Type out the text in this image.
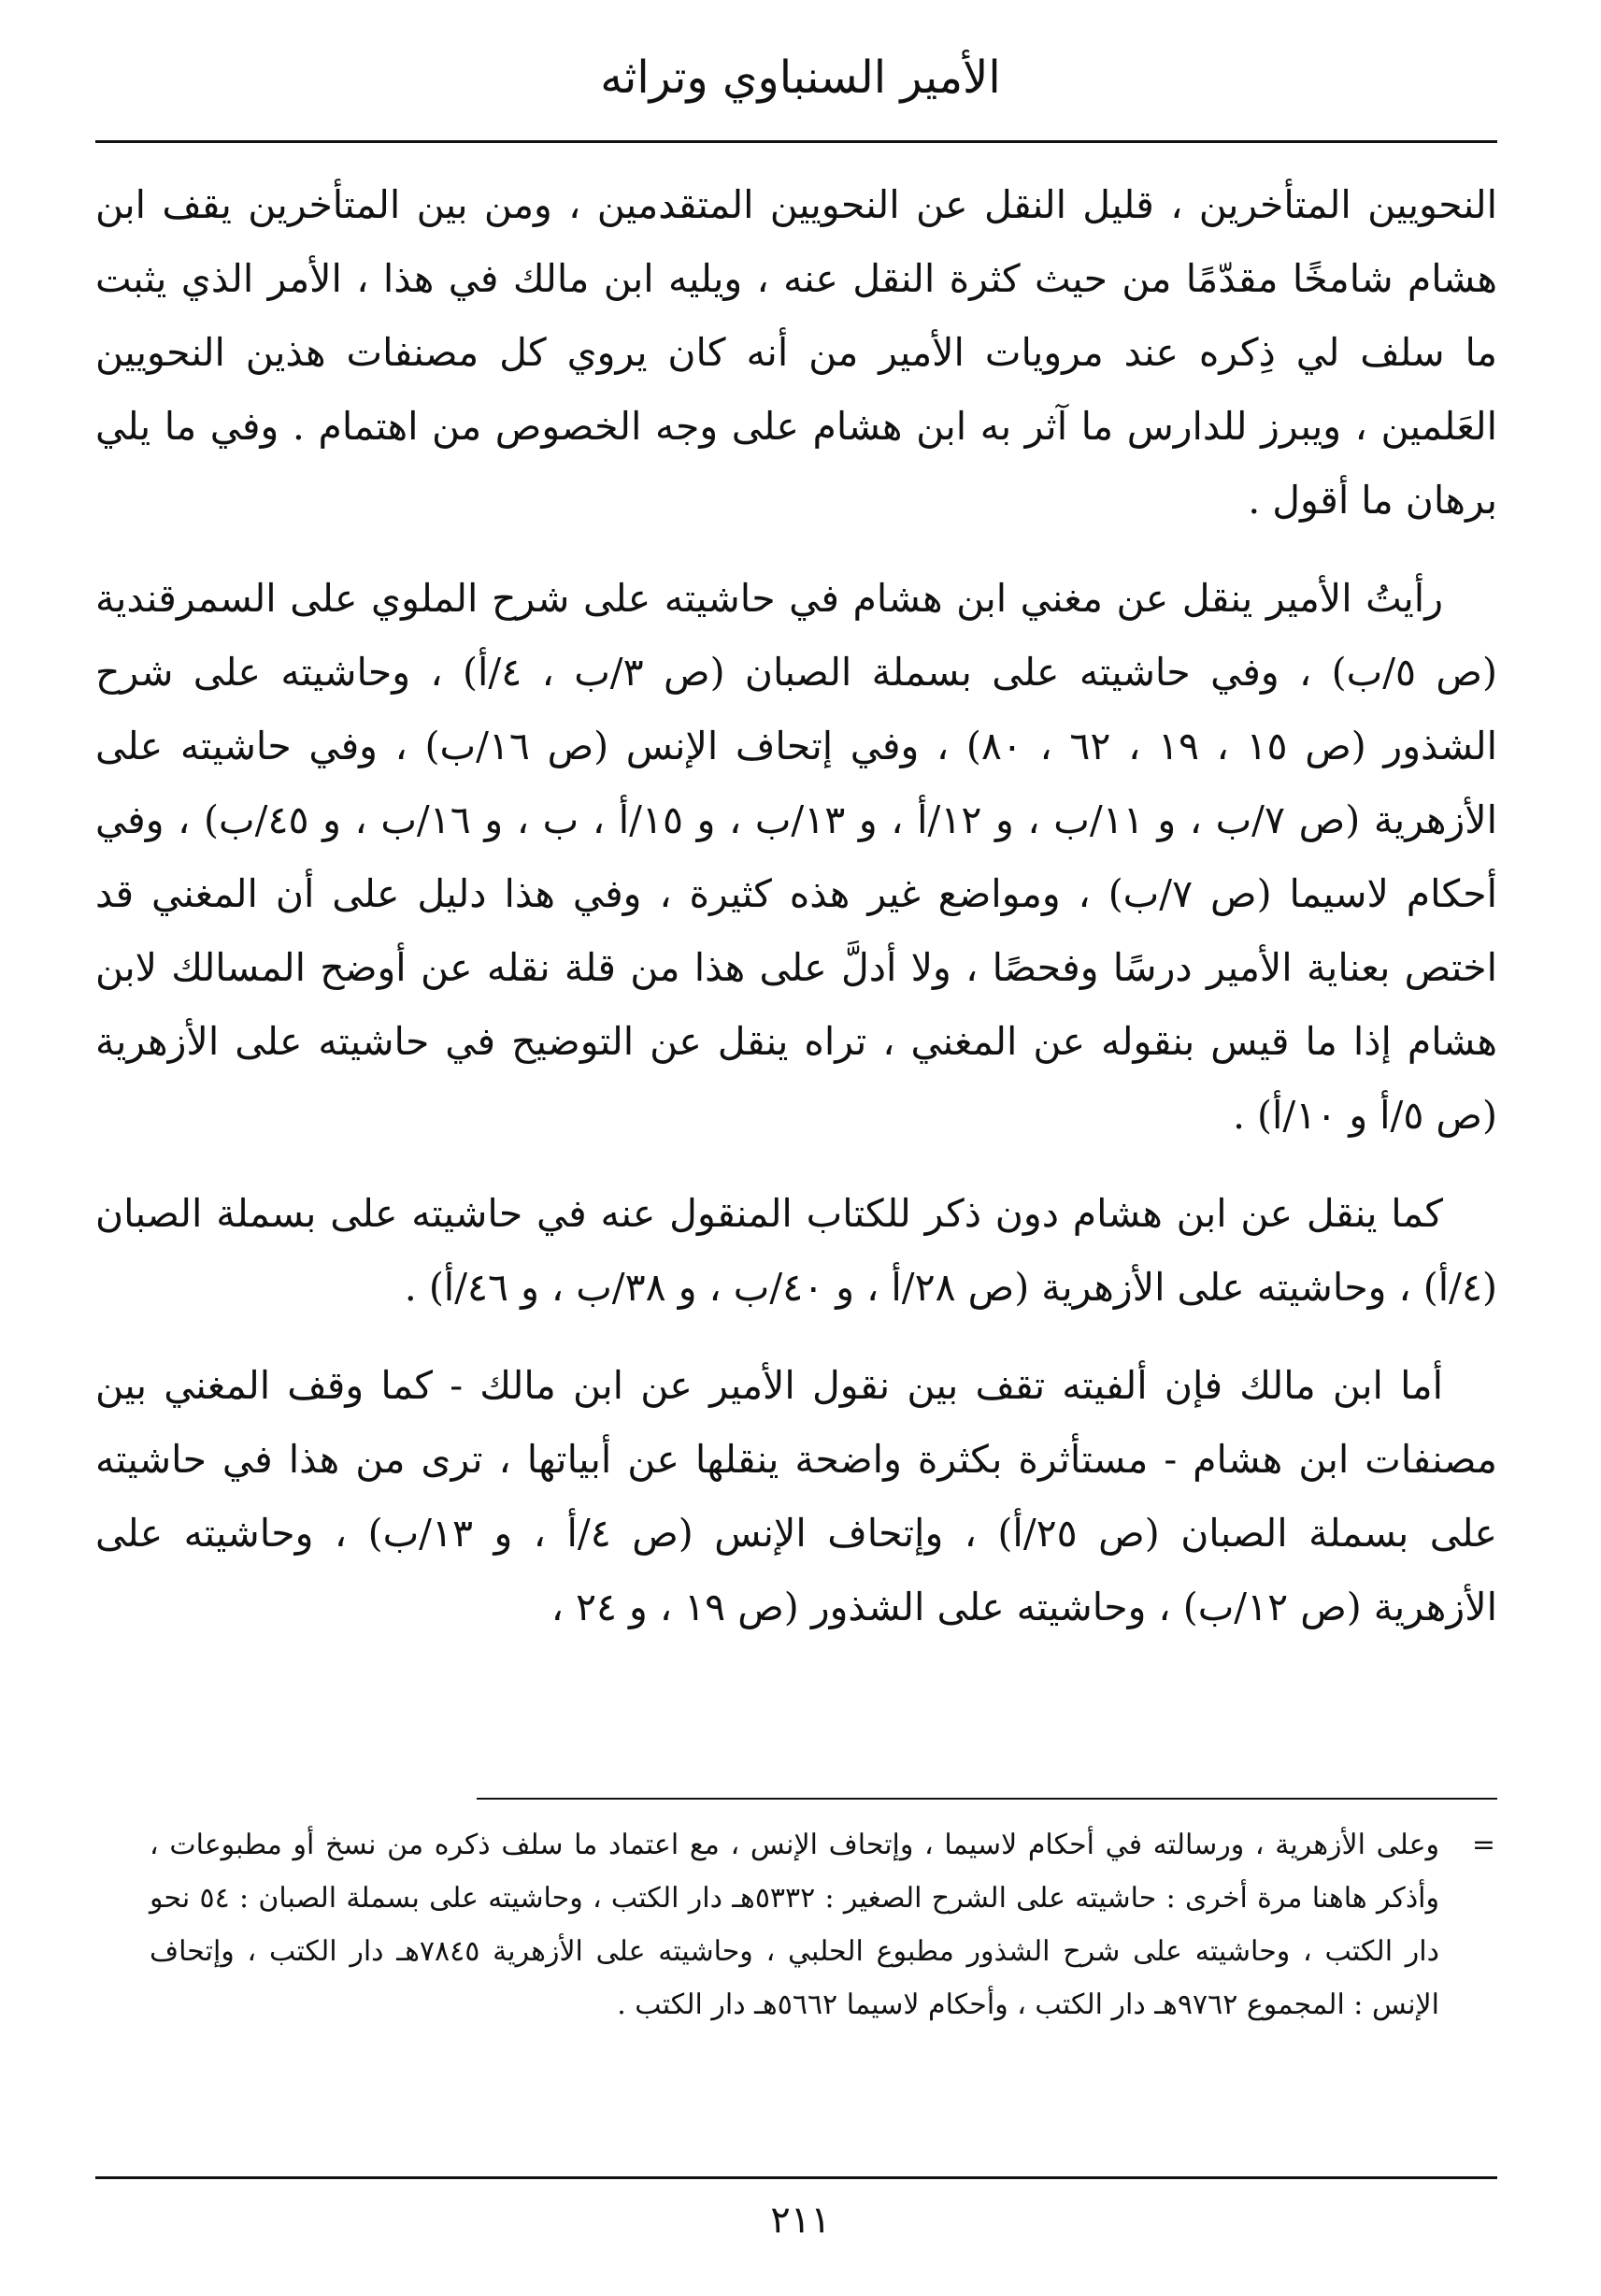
الأمير السنباوي وتراثه

النحويين المتأخرين ، قليل النقل عن النحويين المتقدمين ، ومن بين المتأخرين يقف ابن هشام شامخًا مقدّمًا من حيث كثرة النقل عنه ، ويليه ابن مالك في هذا ، الأمر الذي يثبت ما سلف لي ذِكره عند مرويات الأمير من أنه كان يروي كل مصنفات هذين النحويين العَلمين ، ويبرز للدارس ما آثر به ابن هشام على وجه الخصوص من اهتمام . وفي ما يلي برهان ما أقول .

رأيتُ الأمير ينقل عن مغني ابن هشام في حاشيته على شرح الملوي على السمرقندية (ص ٥/ب) ، وفي حاشيته على بسملة الصبان (ص ٣/ب ، ٤/أ) ، وحاشيته على شرح الشذور (ص ١٥ ، ١٩ ، ٦٢ ، ٨٠) ، وفي إتحاف الإنس (ص ١٦/ب) ، وفي حاشيته على الأزهرية (ص ٧/ب ، و ١١/ب ، و ١٢/أ ، و ١٣/ب ، و ١٥/أ ، ب ، و ١٦/ب ، و ٤٥/ب) ، وفي أحكام لاسيما (ص ٧/ب) ، ومواضع غير هذه كثيرة ، وفي هذا دليل على أن المغني قد اختص بعناية الأمير درسًا وفحصًا ، ولا أدلَّ على هذا من قلة نقله عن أوضح المسالك لابن هشام إذا ما قيس بنقوله عن المغني ، تراه ينقل عن التوضيح في حاشيته على الأزهرية (ص ٥/أ و ١٠/أ) .

كما ينقل عن ابن هشام دون ذكر للكتاب المنقول عنه في حاشيته على بسملة الصبان (٤/أ) ، وحاشيته على الأزهرية (ص ٢٨/أ ، و ٤٠/ب ، و ٣٨/ب ، و ٤٦/أ) .

أما ابن مالك فإن ألفيته تقف بين نقول الأمير عن ابن مالك - كما وقف المغني بين مصنفات ابن هشام - مستأثرة بكثرة واضحة ينقلها عن أبياتها ، ترى من هذا في حاشيته على بسملة الصبان (ص ٢٥/أ) ، وإتحاف الإنس (ص ٤/أ ، و ١٣/ب) ، وحاشيته على الأزهرية (ص ١٢/ب) ، وحاشيته على الشذور (ص ١٩ ، و ٢٤ ،

=
وعلى الأزهرية ، ورسالته في أحكام لاسيما ، وإتحاف الإنس ، مع اعتماد ما سلف ذكره من نسخ أو مطبوعات ، وأذكر هاهنا مرة أخرى : حاشيته على الشرح الصغير : ٥٣٣٢هـ دار الكتب ، وحاشيته على بسملة الصبان : ٥٤ نحو دار الكتب ، وحاشيته على شرح الشذور مطبوع الحلبي ، وحاشيته على الأزهرية ٧٨٤٥هـ دار الكتب ، وإتحاف الإنس : المجموع ٩٧٦٢هـ دار الكتب ، وأحكام لاسيما ٥٦٦٢هـ دار الكتب .
٢١١
